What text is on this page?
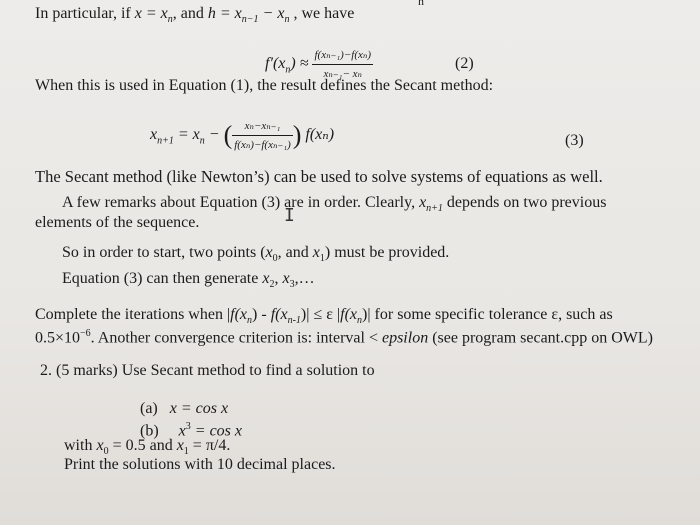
n
In particular, if $x = x_n$, and $h = x_{n-1} - x_n$ , we have
$f'(x_n) \approx \frac{\text{f(xₙ₋₁)−f(xₙ)}}{\text{xₙ₋₁− xₙ}}$	(2)
When this is used in Equation (1), the result defines the Secant method:
$x_{n+1} = x_n$ − ( $\frac{\text{xₙ−xₙ₋₁}}{\text{f(xₙ)−f(xₙ₋₁)}}$ ) f(xₙ)	(3)
The Secant method (like Newton’s) can be used to solve systems of equations as well.
A few remarks about Equation (3) are in order. Clearly, $x_{n+1}$ depends on two previous
elements of the sequence.	I
So in order to start, two points ($x_0$, and $x_1$) must be provided.
Equation (3) can then generate $x_2$, $x_3,\dots$
Complete the iterations when $|f(x_n) - f(x_{n-1})| \le \varepsilon$ $|f(x_n)|$ for some specific tolerance ε, such as
$0.5\times 10^{-6}$. Another convergence criterion is: interval < epsilon (see program secant.cpp on OWL)
2. (5 marks) Use Secant method to find a solution to
(a) x = cos x
(b) $x^3 = \cos x$
with $x_0 = 0.5$ and $x_1 = \pi/4$.
Print the solutions with 10 decimal places.
